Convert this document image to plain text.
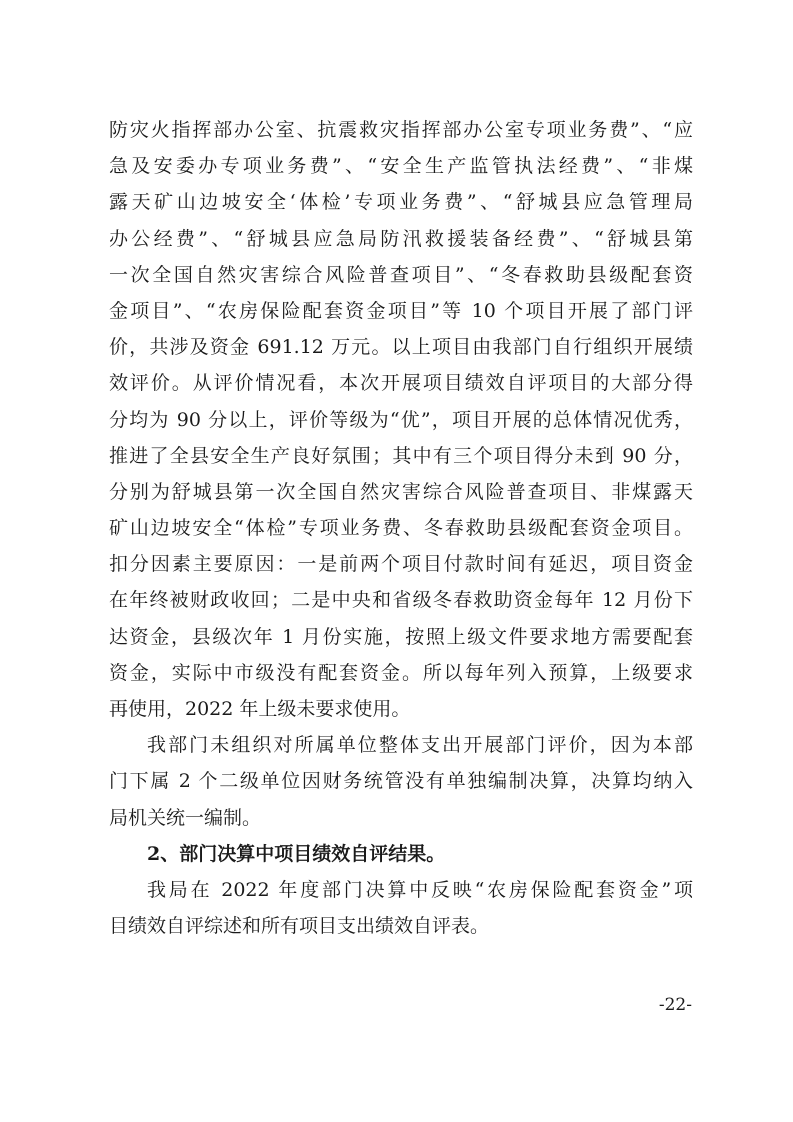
防灾火指挥部办公室、抗震救灾指挥部办公室专项业务费”、“应
急及安委办专项业务费”、“安全生产监管执法经费”、“非煤
露天矿山边坡安全‘体检’专项业务费”、“舒城县应急管理局
办公经费”、“舒城县应急局防汛救援装备经费”、“舒城县第
一次全国自然灾害综合风险普查项目”、“冬春救助县级配套资
金项目”、“农房保险配套资金项目”等 10 个项目开展了部门评
价，共涉及资金 691.12 万元。以上项目由我部门自行组织开展绩
效评价。从评价情况看，本次开展项目绩效自评项目的大部分得
分均为 90 分以上，评价等级为“优”，项目开展的总体情况优秀，
推进了全县安全生产良好氛围；其中有三个项目得分未到 90 分，
分别为舒城县第一次全国自然灾害综合风险普查项目、非煤露天
矿山边坡安全“体检”专项业务费、冬春救助县级配套资金项目。
扣分因素主要原因：一是前两个项目付款时间有延迟，项目资金
在年终被财政收回；二是中央和省级冬春救助资金每年 12 月份下
达资金，县级次年 1 月份实施，按照上级文件要求地方需要配套
资金，实际中市级没有配套资金。所以每年列入预算，上级要求
再使用，2022 年上级未要求使用。
我部门未组织对所属单位整体支出开展部门评价，因为本部
门下属 2 个二级单位因财务统管没有单独编制决算，决算均纳入
局机关统一编制。
2、部门决算中项目绩效自评结果。
我局在 2022 年度部门决算中反映“农房保险配套资金”项
目绩效自评综述和所有项目支出绩效自评表。
-22-
